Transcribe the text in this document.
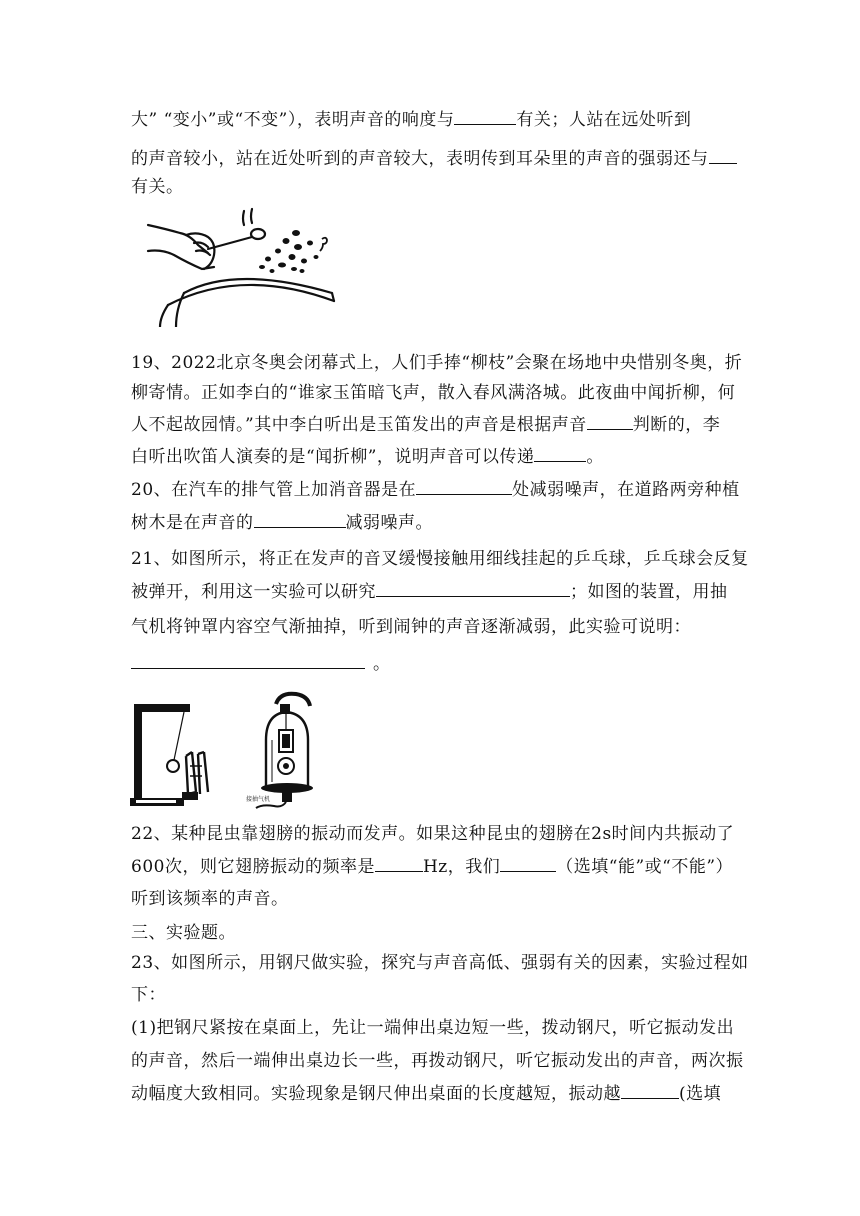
大” “变小”或“不变”），表明声音的响度与	有关；人站在远处听到
的声音较小，站在近处听到的声音较大，表明传到耳朵里的声音的强弱还与
有关。
19、2022北京冬奥会闭幕式上，人们手捧“柳枝”会聚在场地中央惜别冬奥，折
柳寄情。正如李白的“谁家玉笛暗飞声，散入春风满洛城。此夜曲中闻折柳，何
人不起故园情。”其中李白听出是玉笛发出的声音是根据声音	判断的，李
白听出吹笛人演奏的是“闻折柳”，说明声音可以传递	。
20、在汽车的排气管上加消音器是在	处减弱噪声，在道路两旁种植
树木是在声音的	减弱噪声。
21、如图所示，将正在发声的音叉缓慢接触用细线挂起的乒乓球，乒乓球会反复
被弹开，利用这一实验可以研究	；如图的装置，用抽
气机将钟罩内容空气渐抽掉，听到闹钟的声音逐渐减弱，此实验可说明：
。
接抽气机
22、某种昆虫靠翅膀的振动而发声。如果这种昆虫的翅膀在2s时间内共振动了
600次，则它翅膀振动的频率是	Hz，我们	（选填“能”或“不能”）
听到该频率的声音。
三、实验题。
23、如图所示，用钢尺做实验，探究与声音高低、强弱有关的因素，实验过程如
下：
(1)把钢尺紧按在桌面上，先让一端伸出桌边短一些，拨动钢尺，听它振动发出
的声音，然后一端伸出桌边长一些，再拨动钢尺，听它振动发出的声音，两次振
动幅度大致相同。实验现象是钢尺伸出桌面的长度越短，振动越	(选填
